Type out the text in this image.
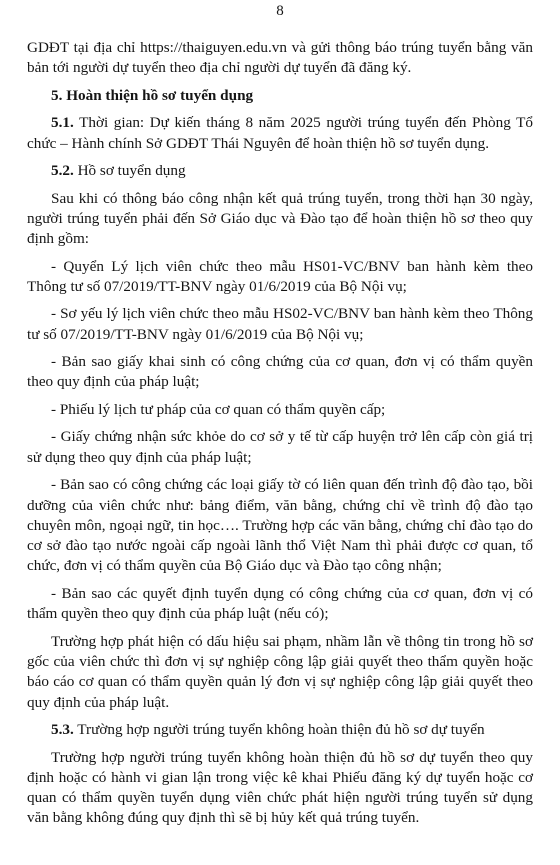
8

GDĐT tại địa chỉ https://thaiguyen.edu.vn và gửi thông báo trúng tuyển bằng văn bản tới người dự tuyển theo địa chỉ người dự tuyển đã đăng ký.

5. Hoàn thiện hồ sơ tuyển dụng

5.1. Thời gian: Dự kiến tháng 8 năm 2025 người trúng tuyển đến Phòng Tổ chức – Hành chính Sở GDĐT Thái Nguyên để hoàn thiện hồ sơ tuyển dụng.

5.2. Hồ sơ tuyển dụng

Sau khi có thông báo công nhận kết quả trúng tuyển, trong thời hạn 30 ngày, người trúng tuyển phải đến Sở Giáo dục và Đào tạo để hoàn thiện hồ sơ theo quy định gồm:

- Quyển Lý lịch viên chức theo mẫu HS01-VC/BNV ban hành kèm theo Thông tư số 07/2019/TT-BNV ngày 01/6/2019 của Bộ Nội vụ;

- Sơ yếu lý lịch viên chức theo mẫu HS02-VC/BNV ban hành kèm theo Thông tư số 07/2019/TT-BNV ngày 01/6/2019 của Bộ Nội vụ;

- Bản sao giấy khai sinh có công chứng của cơ quan, đơn vị có thẩm quyền theo quy định của pháp luật;

- Phiếu lý lịch tư pháp của cơ quan có thẩm quyền cấp;

- Giấy chứng nhận sức khỏe do cơ sở y tế từ cấp huyện trở lên cấp còn giá trị sử dụng theo quy định của pháp luật;

- Bản sao có công chứng các loại giấy tờ có liên quan đến trình độ đào tạo, bồi dưỡng của viên chức như: bảng điểm, văn bằng, chứng chỉ về trình độ đào tạo chuyên môn, ngoại ngữ, tin học…. Trường hợp các văn bằng, chứng chỉ đào tạo do cơ sở đào tạo nước ngoài cấp ngoài lãnh thổ Việt Nam thì phải được cơ quan, tổ chức, đơn vị có thẩm quyền của Bộ Giáo dục và Đào tạo công nhận;

- Bản sao các quyết định tuyển dụng có công chứng của cơ quan, đơn vị có thẩm quyền theo quy định của pháp luật (nếu có);

Trường hợp phát hiện có dấu hiệu sai phạm, nhầm lẫn về thông tin trong hồ sơ gốc của viên chức thì đơn vị sự nghiệp công lập giải quyết theo thẩm quyền hoặc báo cáo cơ quan có thẩm quyền quản lý đơn vị sự nghiệp công lập giải quyết theo quy định của pháp luật.

5.3. Trường hợp người trúng tuyển không hoàn thiện đủ hồ sơ dự tuyển

Trường hợp người trúng tuyển không hoàn thiện đủ hồ sơ dự tuyển theo quy định hoặc có hành vi gian lận trong việc kê khai Phiếu đăng ký dự tuyển hoặc cơ quan có thẩm quyền tuyển dụng viên chức phát hiện người trúng tuyển sử dụng văn bằng không đúng quy định thì sẽ bị hủy kết quả trúng tuyển.
